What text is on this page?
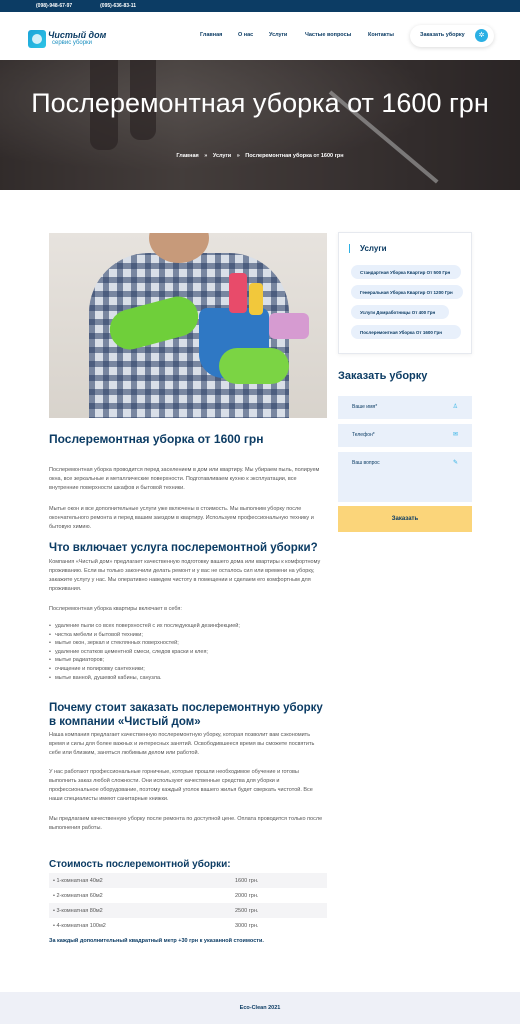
(098)-948-67-97	(095)-636-83-11
Чистый дом
сервис уборки
Главная	О нас	Услуги	Частые вопросы	Контакты	Заказать уборку	✲
Послеремонтная уборка от 1600 грн
Главная » Услуги » Послеремонтная уборка от 1600 грн
Послеремонтная уборка от 1600 грн
Послеремонтная уборка проводится перед заселением в дом или квартиру. Мы убираем пыль, полируем окна, все зеркальные и металлические поверхности. Подготавливаем кухню к эксплуатации, все внутренние поверхности шкафов и бытовой техники.
Мытье окон и все дополнительные услуги уже включены в стоимость. Мы выполним уборку после окончательного ремонта и перед вашим заездом в квартиру. Используем профессиональную технику и бытовую химию.
Что включает услуга послеремонтной уборки?
Компания «Чистый дом» предлагает качественную подготовку вашего дома или квартиры к комфортному проживанию. Если вы только закончили делать ремонт и у вас не осталось сил или времени на уборку, закажите услугу у нас. Мы оперативно наведем чистоту в помещении и сделаем его комфортным для проживания.
Послеремонтная уборка квартиры включает в себя:
• удаление пыли со всех поверхностей с их последующей дезинфекцией;
• чистка мебели и бытовой техники;
• мытье окон, зеркал и стеклянных поверхностей;
• удаление остатков цементной смеси, следов краски и клея;
• мытье радиаторов;
• очищение и полировку сантехники;
• мытье ванной, душевой кабины, санузла.
Почему стоит заказать послеремонтную уборку в компании «Чистый дом»
Наша компания предлагает качественную послеремонтную уборку, которая позволит вам сэкономить время и силы для более важных и интересных занятий. Освободившееся время вы сможете посвятить себе или близким, заняться любимым делом или работой.
У нас работают профессиональные горничные, которые прошли необходимое обучение и готовы выполнить заказ любой сложности. Они используют качественные средства для уборки и профессиональное оборудование, поэтому каждый уголок вашего жилья будет сверкать чистотой. Все наши специалисты имеют санитарные книжки.
Мы предлагаем качественную уборку после ремонта по доступной цене. Оплата проводится только после выполнения работы.
Стоимость послеремонтной уборки:
• 1-комнатная 40м2	1600 грн.
• 2-комнатная 60м2	2000 грн.
• 3-комнатная 80м2	2500 грн.
• 4-комнатная 100м2	3000 грн.
За каждый дополнительный квадратный метр +30 грн к указанной стоимости.
Услуги
Стандартная Уборка Квартир От 500 Грн
Генеральная Уборка Квартир От 1200 Грн
Услуги Домработницы От 400 Грн
Послеремонтная Уборка От 1600 Грн
Заказать уборку
Ваше имя*	♙
Телефон*	✉
Ваш вопрос	✎
Заказать
Eco-Clean 2021
